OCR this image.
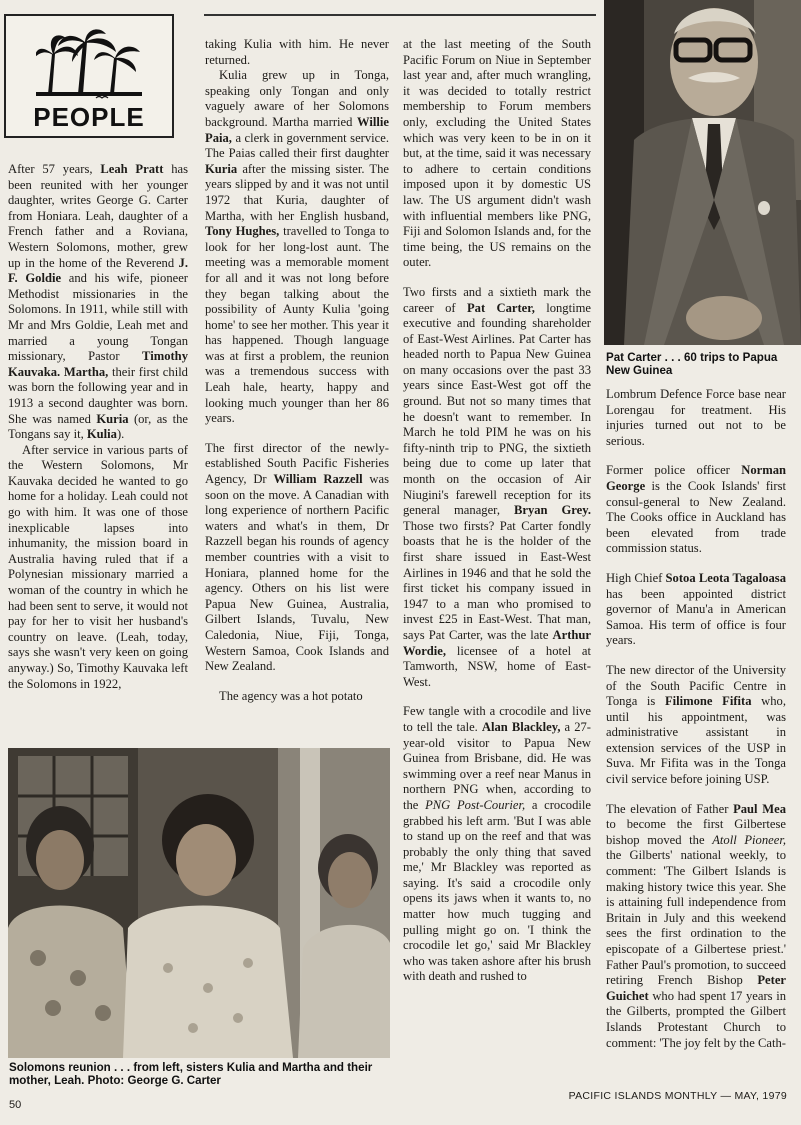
PEOPLE

After 57 years, Leah Pratt has been reunited with her younger daughter, writes George G. Carter from Honiara. Leah, daughter of a French father and a Roviana, Western Solomons, mother, grew up in the home of the Reverend J. F. Goldie and his wife, pioneer Methodist missionaries in the Solomons. In 1911, while still with Mr and Mrs Goldie, Leah met and married a young Tongan missionary, Pastor Timothy Kauvaka. Martha, their first child was born the following year and in 1913 a second daughter was born. She was named Kuria (or, as the Tongans say it, Kulia).

After service in various parts of the Western Solomons, Mr Kauvaka decided he wanted to go home for a holiday. Leah could not go with him. It was one of those inexplicable lapses into inhumanity, the mission board in Australia having ruled that if a Polynesian missionary married a woman of the country in which he had been sent to serve, it would not pay for her to visit her husband's country on leave. (Leah, today, says she wasn't very keen on going anyway.) So, Timothy Kauvaka left the Solomons in 1922,

taking Kulia with him. He never returned.

Kulia grew up in Tonga, speaking only Tongan and only vaguely aware of her Solomons background. Martha married Willie Paia, a clerk in government service. The Paias called their first daughter Kuria after the missing sister. The years slipped by and it was not until 1972 that Kuria, daughter of Martha, with her English husband, Tony Hughes, travelled to Tonga to look for her long-lost aunt. The meeting was a memorable moment for all and it was not long before they began talking about the possibility of Aunty Kulia 'going home' to see her mother. This year it has happened. Though language was at first a problem, the reunion was a tremendous success with Leah hale, hearty, happy and looking much younger than her 86 years.

The first director of the newly-established South Pacific Fisheries Agency, Dr William Razzell was soon on the move. A Canadian with long experience of northern Pacific waters and what's in them, Dr Razzell began his rounds of agency member countries with a visit to Honiara, planned home for the agency. Others on his list were Papua New Guinea, Australia, Gilbert Islands, Tuvalu, New Caledonia, Niue, Fiji, Tonga, Western Samoa, Cook Islands and New Zealand.

The agency was a hot potato

at the last meeting of the South Pacific Forum on Niue in September last year and, after much wrangling, it was decided to totally restrict membership to Forum members only, excluding the United States which was very keen to be in on it but, at the time, said it was necessary to adhere to certain conditions imposed upon it by domestic US law. The US argument didn't wash with influential members like PNG, Fiji and Solomon Islands and, for the time being, the US remains on the outer.

Two firsts and a sixtieth mark the career of Pat Carter, longtime executive and founding shareholder of East-West Airlines. Pat Carter has headed north to Papua New Guinea on many occasions over the past 33 years since East-West got off the ground. But not so many times that he doesn't want to remember. In March he told PIM he was on his fifty-ninth trip to PNG, the sixtieth being due to come up later that month on the occasion of Air Niugini's farewell reception for its general manager, Bryan Grey. Those two firsts? Pat Carter fondly boasts that he is the holder of the first share issued in East-West Airlines in 1946 and that he sold the first ticket his company issued in 1947 to a man who promised to invest £25 in East-West. That man, says Pat Carter, was the late Arthur Wordie, licensee of a hotel at Tamworth, NSW, home of East-West.

Few tangle with a crocodile and live to tell the tale. Alan Blackley, a 27-year-old visitor to Papua New Guinea from Brisbane, did. He was swimming over a reef near Manus in northern PNG when, according to the PNG Post-Courier, a crocodile grabbed his left arm. 'But I was able to stand up on the reef and that was probably the only thing that saved me,' Mr Blackley was reported as saying. It's said a crocodile only opens its jaws when it wants to, no matter how much tugging and pulling might go on. 'I think the crocodile let go,' said Mr Blackley who was taken ashore after his brush with death and rushed to

Lombrum Defence Force base near Lorengau for treatment. His injuries turned out not to be serious.

Former police officer Norman George is the Cook Islands' first consul-general to New Zealand. The Cooks office in Auckland has been elevated from trade commission status.

High Chief Sotoa Leota Tagaloasa has been appointed district governor of Manu'a in American Samoa. His term of office is four years.

The new director of the University of the South Pacific Centre in Tonga is Filimone Fifita who, until his appointment, was administrative assistant in extension services of the USP in Suva. Mr Fifita was in the Tonga civil service before joining USP.

The elevation of Father Paul Mea to become the first Gilbertese bishop moved the Atoll Pioneer, the Gilberts' national weekly, to comment: 'The Gilbert Islands is making history twice this year. She is attaining full independence from Britain in July and this weekend sees the first ordination to the episcopate of a Gilbertese priest.' Father Paul's promotion, to succeed retiring French Bishop Peter Guichet who had spent 17 years in the Gilberts, prompted the Gilbert Islands Protestant Church to comment: 'The joy felt by the Cath-

Solomons reunion . . . from left, sisters Kulia and Martha and their mother, Leah. Photo: George G. Carter
Pat Carter . . . 60 trips to Papua New Guinea
50
PACIFIC ISLANDS MONTHLY — MAY, 1979
